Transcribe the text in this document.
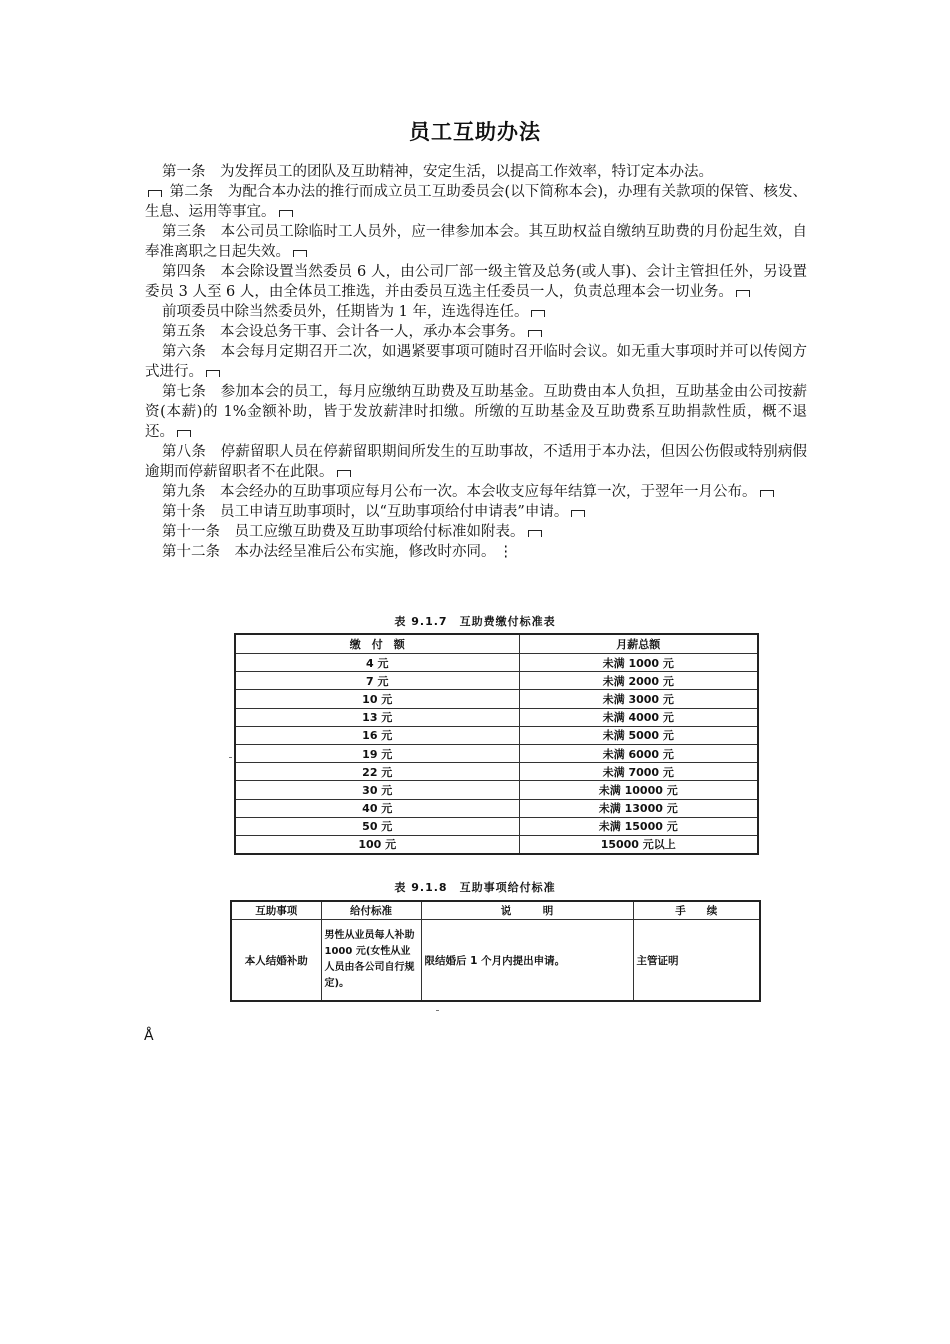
员工互助办法

第一条　为发挥员工的团队及互助精神，安定生活，以提高工作效率，特订定本办法。

第二条　为配合本办法的推行而成立员工互助委员会(以下简称本会)，办理有关款项的保管、核发、生息、运用等事宜。

第三条　本公司员工除临时工人员外，应一律参加本会。其互助权益自缴纳互助费的月份起生效，自奉准离职之日起失效。

第四条　本会除设置当然委员 6 人，由公司厂部一级主管及总务(或人事)、会计主管担任外，另设置委员 3 人至 6 人，由全体员工推选，并由委员互选主任委员一人，负责总理本会一切业务。

前项委员中除当然委员外，任期皆为 1 年，连选得连任。

第五条　本会设总务干事、会计各一人，承办本会事务。

第六条　本会每月定期召开二次，如遇紧要事项可随时召开临时会议。如无重大事项时并可以传阅方式进行。

第七条　参加本会的员工，每月应缴纳互助费及互助基金。互助费由本人负担，互助基金由公司按薪资(本薪)的 1%金额补助，皆于发放薪津时扣缴。所缴的互助基金及互助费系互助捐款性质，概不退还。

第八条　停薪留职人员在停薪留职期间所发生的互助事故，不适用于本办法，但因公伤假或特别病假逾期而停薪留职者不在此限。

第九条　本会经办的互助事项应每月公布一次。本会收支应每年结算一次，于翌年一月公布。

第十条　员工申请互助事项时，以“互助事项给付申请表”申请。

第十一条　员工应缴互助费及互助事项给付标准如附表。

第十二条　本办法经呈准后公布实施，修改时亦同。 ⋮

表 9.1.7　互助费缴付标准表
缴　付　额	月薪总额
4 元	未满 1000 元
7 元	未满 2000 元
10 元	未满 3000 元
13 元	未满 4000 元
16 元	未满 5000 元
19 元	未满 6000 元
22 元	未满 7000 元
30 元	未满 10000 元
40 元	未满 13000 元
50 元	未满 15000 元
100 元	15000 元以上
表 9.1.8　互助事项给付标准
互助事项	给付标准	说　　　明	手　　续
本人结婚补助	男性从业员每人补助 1000 元(女性从业人员由各公司自行规定)。	限结婚后 1 个月内提出申请。	主管证明
Å
